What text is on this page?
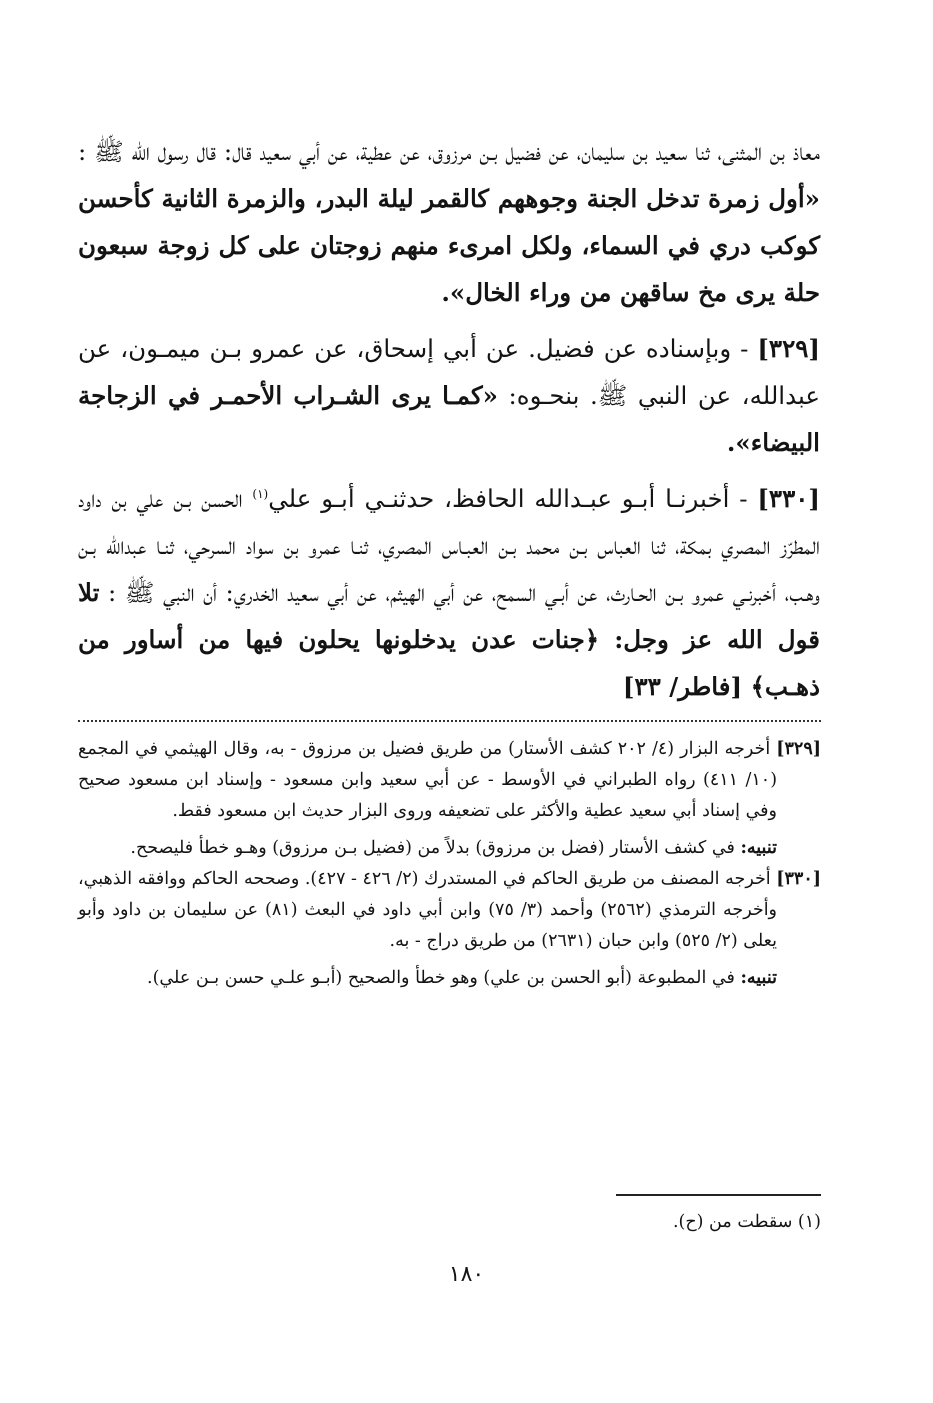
معاذ بن المثنى، ثنا سعيد بن سليمان، عن فضيل بـن مرزوق، عن عطية، عن أبي سعيد قال: قال رسول الله ﷺ : «أول زمرة تدخل الجنة وجوههم كالقمر ليلة البدر، والزمرة الثانية كأحسن كوكب دري في السماء، ولكل امرىء منهم زوجتان على كل زوجة سبعون حلة يرى مخ ساقهن من وراء الخال».

[٣٢٩] - وبإسناده عن فضيل. عن أبي إسحاق، عن عمرو بـن ميمـون، عن عبدالله، عن النبي ﷺ. بنحـوه: «كمـا يرى الشـراب الأحمـر في الزجاجة البيضاء».

[٣٣٠] - أخبرنـا أبـو عبـدالله الحافظ، حدثنـي أبـو علي$^{(١)}$ الحسن بـن علي بن داود المطرّز المصري بمكة، ثنا العباس بـن محمد بـن العبـاس المصري، ثنـا عمرو بن سواد السرحي، ثنـا عبدالله بـن وهـب، أخبرنـي عمرو بـن الحـارث، عن أبـي السمح، عن أبي الهيثم، عن أبي سعيد الخدري: أن النبي ﷺ : تلا قول الله عز وجل: ﴿جنات عدن يدخلونها يحلون فيها من أساور من ذهـب﴾ [فاطر/ ٣٣]

[٣٢٩] أخرجه البزار (٤/ ٢٠٢ كشف الأستار) من طريق فضيل بن مرزوق - به، وقال الهيثمي في المجمع (١٠/ ٤١١) رواه الطبراني في الأوسط - عن أبي سعيد وابن مسعود - وإسناد ابن مسعود صحيح وفي إسناد أبي سعيد عطية والأكثر على تضعيفه وروى البزار حديث ابن مسعود فقط.

تنبيه: في كشف الأستار (فضل بن مرزوق) بدلاً من (فضيل بـن مرزوق) وهـو خطأ فليصحح.

[٣٣٠] أخرجه المصنف من طريق الحاكم في المستدرك (٢/ ٤٢٦ - ٤٢٧). وصححه الحاكم ووافقه الذهبي، وأخرجه الترمذي (٢٥٦٢) وأحمد (٣/ ٧٥) وابن أبي داود في البعث (٨١) عن سليمان بن داود وأبو يعلى (٢/ ٥٢٥) وابن حبان (٢٦٣١) من طريق دراج - به.

تنبيه: في المطبوعة (أبو الحسن بن علي) وهو خطأ والصحيح (أبـو علـي حسن بـن علي).

(١) سقطت من (ح).
١٨٠
